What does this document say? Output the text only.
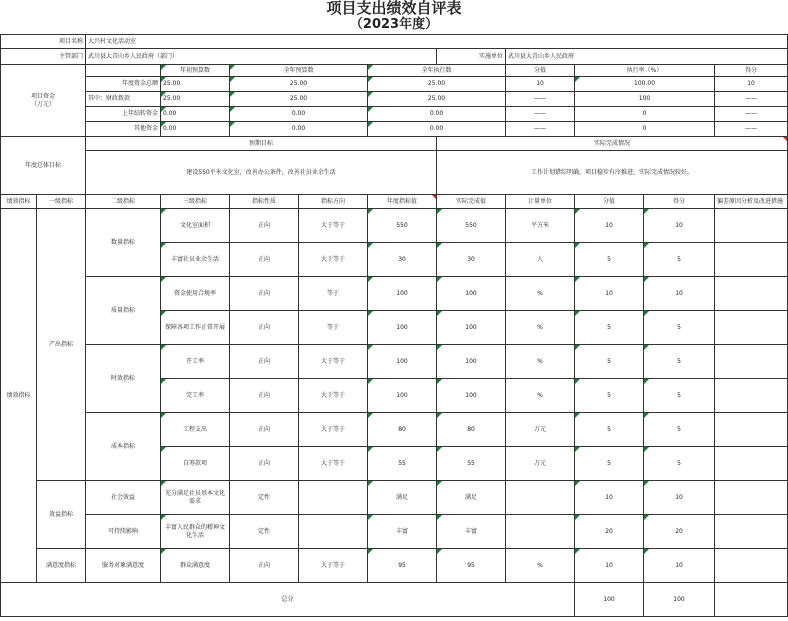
项目支出绩效自评表
（2023年度）
项目名称		大兴村文化活动室									
主管部门		武川县大青山乡人民政府（部门）					实施单位	武川县大青山乡人民政府			
项目资金
（万元）			年初预算数	全年预算数		全年执行数		分值	执行率（%）		得分
		年度资金总额	25.00	25.00		25.00		10	100.00		10
		其中：财政拨款	25.00	25.00		25.00		——	100		——
		上年结转资金	0.00	0.00		0.00		——	0		——
		其他资金	0.00	0.00		0.00		——	0		——
年度总体目标		预期目标					实际完成情况				
		建设550平米文化室，改善办公条件，改善社员业余生活					工作计划错综明确，项目稳步有序推进，实际完成情况较好。				
绩效指标	一级指标	二级指标	三级指标	指标性质	指标方向	年度指标值	实际完成值	计量单位	分值	得分	偏差原因分析及改进措施
绩效指标	产出指标	数量指标	文化室面积	正向	大于等于	550	550	平方米	10	10	
			丰富社员业余生活	正向	大于等于	30	30	人	5	5	
		质量指标	资金使用合规率	正向	等于	100	100	%	10	10	
			保障各项工作正常开展	正向	等于	100	100	%	5	5	
		时效指标	开工率	正向	大于等于	100	100	%	5	5	
			完工率	正向	大于等于	100	100	%	5	5	
		成本指标	工程支出	正向	大于等于	80	80	万元	5	5	
			自筹款项	正向	大于等于	55	55	万元	5	5	
	效益指标	社会效益	充分满足社员基本文化需求	定性		满足	满足		10	10	
		可持续影响	丰富人民群众的精神文化生活	定性		丰富	丰富		20	20	
	满意度指标	服务对象满意度	群众满意度	正向	大于等于	95	95	%	10	10	
总分									100	100	
